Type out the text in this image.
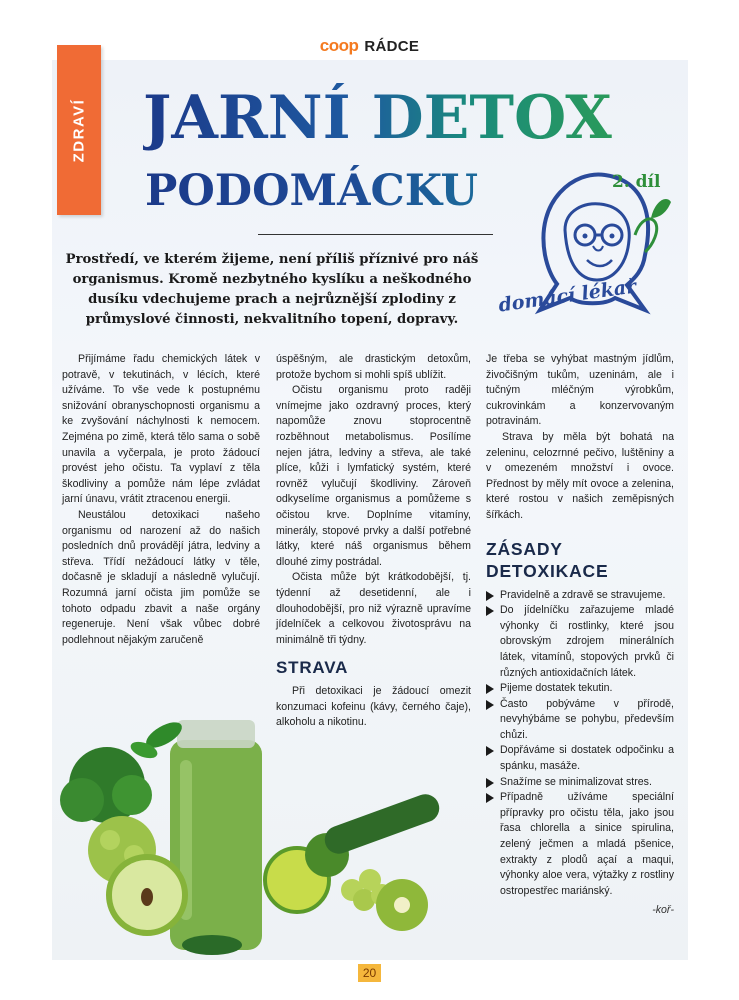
coop RÁDCE
ZDRAVÍ JARNÍ DETOX
PODOMÁCKU	2. díl
domácí lékař
Prostředí, ve kterém žijeme, není příliš příznivé pro náš organismus. Kromě nezbytného kyslíku a neškodného dusíku vdechujeme prach a nejrůznější zplodiny z průmyslové činnosti, nekvalitního topení, dopravy.

Přijímáme řadu chemických látek v potravě, v tekutinách, v lécích, které užíváme. To vše vede k postupnému snižování obranyschopnosti organismu a ke zvyšování náchylnosti k nemocem. Zejména po zimě, která tělo sama o sobě unavila a vyčerpala, je proto žádoucí provést jeho očistu. Ta vyplaví z těla škodliviny a pomůže nám lépe zvládat jarní únavu, vrátit ztracenou energii.

Neustálou detoxikaci našeho organismu od narození až do našich posledních dnů provádějí játra, ledviny a střeva. Třídí nežádoucí látky v těle, dočasně je skladují a následně vylučují. Rozumná jarní očista jim pomůže se tohoto odpadu zbavit a naše orgány regeneruje. Není však vůbec dobré podlehnout nějakým zaručeně

úspěšným, ale drastickým detoxům, protože bychom si mohli spíš ublížit.

Očistu organismu proto raději vnímejme jako ozdravný proces, který napomůže znovu stoprocentně rozběhnout metabolismus. Posílíme nejen játra, ledviny a střeva, ale také plíce, kůži i lymfatický systém, které rovněž vylučují škodliviny. Zároveň odkyselíme organismus a pomůžeme s očistou krve. Doplníme vitamíny, minerály, stopové prvky a další potřebné látky, které náš organismus během dlouhé zimy postrádal.

Očista může být krátkodobější, tj. týdenní až desetidenní, ale i dlouhodobější, pro niž výrazně upravíme jídelníček a celkovou životosprávu na minimálně tři týdny.

STRAVA

Při detoxikaci je žádoucí omezit konzumaci kofeinu (kávy, černého čaje), alkoholu a nikotinu.

Je třeba se vyhýbat mastným jídlům, živočišným tukům, uzeninám, ale i tučným mléčným výrobkům, cukrovinkám a konzervovaným potravinám.

Strava by měla být bohatá na zeleninu, celozrnné pečivo, luštěniny a v omezeném množství i ovoce. Přednost by měly mít ovoce a zelenina, které rostou v našich zeměpisných šířkách.

ZÁSADY
DETOXIKACE
Pravidelně a zdravě se stravujeme.
Do jídelníčku zařazujeme mladé výhonky či rostlinky, které jsou obrovským zdrojem minerálních látek, vitamínů, stopových prvků či různých antioxidačních látek.
Pijeme dostatek tekutin.
Často pobýváme v přírodě, nevyhýbáme se pohybu, především chůzi.
Dopřáváme si dostatek odpočinku a spánku, masáže.
Snažíme se minimalizovat stres.
Případně užíváme speciální přípravky pro očistu těla, jako jsou řasa chlorella a sinice spirulina, zelený ječmen a mladá pšenice, extrakty z plodů açaí a maqui, výhonky aloe vera, výtažky z rostliny ostropestřec mariánský.
-koř-
20
